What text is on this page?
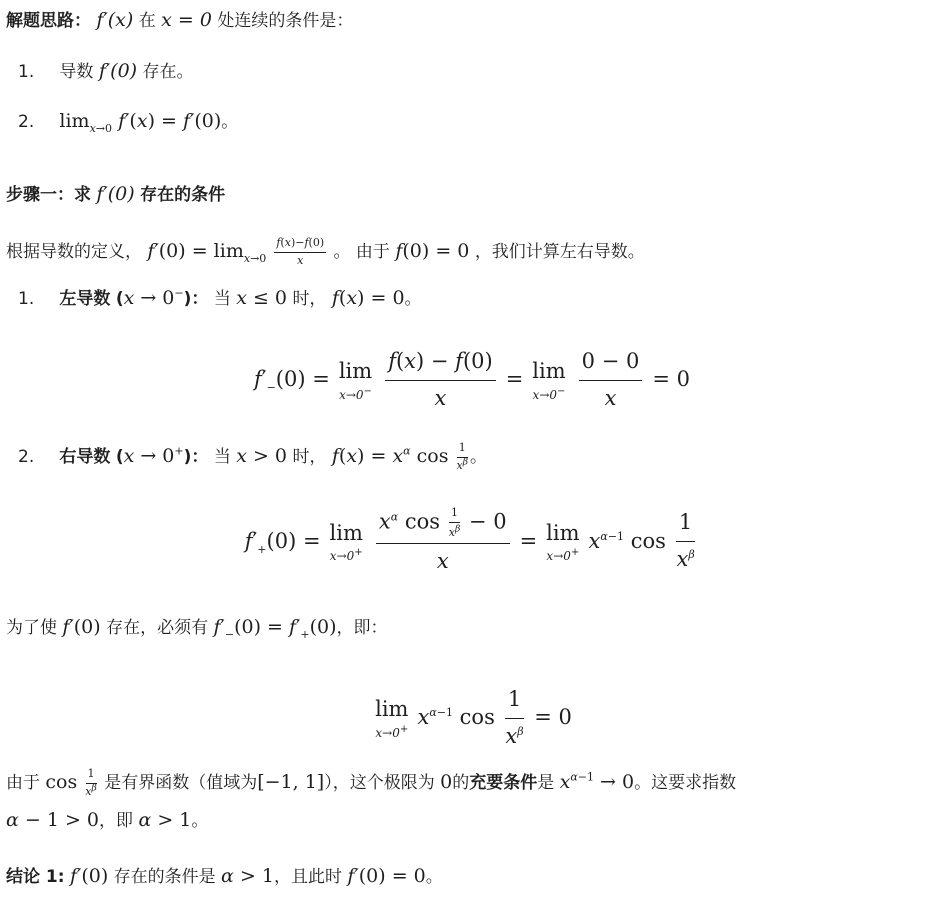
解题思路： f′(x) 在 x = 0 处连续的条件是：
1. 导数 f′(0) 存在。
2. $\lim_{x\to 0} f'(x) = f'(0)$。
步骤一：求 f′(0) 存在的条件
根据导数的定义， $f'(0) = \lim_{x\to 0} \frac{f(x)-f(0)}{x}$ 。 由于 f(0) = 0 ，我们计算左右导数。
1. 左导数 (x → 0−)： 当 x ≤ 0 时， f(x) = 0。
$f'_-(0) = \lim$
$x\to 0^- \frac{f(x) - f(0)}{x} = \lim$
$x\to 0^- \frac{0 - 0}{x} = 0$
2. 右导数 (x → 0+)： 当 x > 0 时， $f(x) = x^\alpha$ $\cos \frac{1}{x^\beta}$ 。
$f'_+(0) = \lim$
$x\to 0^+ \frac{x^\alpha \cos \frac{1}{x^\beta} - 0}{x} = \lim$
x→0+ $x^{\alpha-1}$ $\cos \frac{1}{x^\beta}$
为了使 f′(0) 存在，必须有 $f'_-(0) = f'_+(0)$，即：
lim
x→0+ $x^{\alpha-1}$ $\cos \frac{1}{x^\beta} = 0$
由于 $\cos \frac{1}{x^\beta}$ 是有界函数（值域为[−1, 1]），这个极限为 0的充要条件是 $x^{\alpha-1} \to 0$。这要求指数
α − 1 > 0，即 α > 1。
结论 1: f′(0) 存在的条件是 α > 1，且此时 f′(0) = 0。
